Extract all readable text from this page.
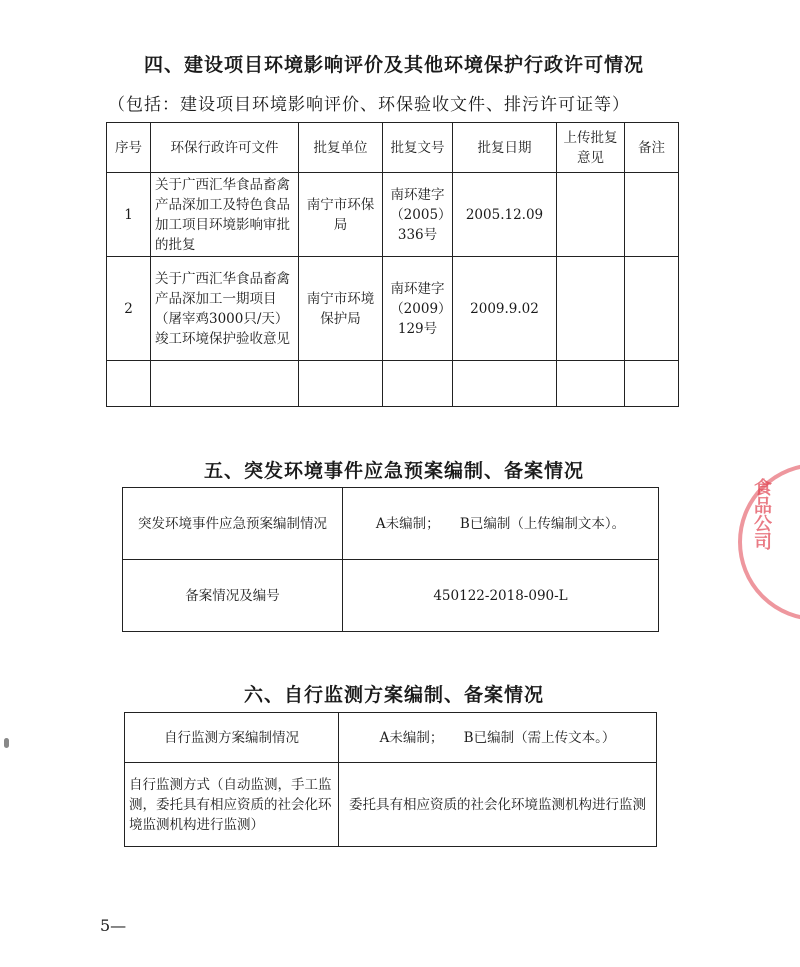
四、建设项目环境影响评价及其他环境保护行政许可情况
（包括：建设项目环境影响评价、环保验收文件、排污许可证等）
序号	环保行政许可文件	批复单位	批复文号	批复日期	上传批复意见	备注
1	关于广西汇华食品畜禽产品深加工及特色食品加工项目环境影响审批的批复	南宁市环保局	南环建字（2005）336号	2005.12.09		
2	关于广西汇华食品畜禽产品深加工一期项目（屠宰鸡3000只/天）竣工环境保护验收意见	南宁市环境保护局	南环建字（2009）129号	2009.9.02		

五、突发环境事件应急预案编制、备案情况
突发环境事件应急预案编制情况	A未编制；　　B已编制（上传编制文本）。
备案情况及编号	450122-2018-090-L
六、自行监测方案编制、备案情况
自行监测方案编制情况	A未编制；　　B已编制（需上传文本。）
自行监测方式（自动监测，手工监测，委托具有相应资质的社会化环境监测机构进行监测）	委托具有相应资质的社会化环境监测机构进行监测
5—
食品公司
